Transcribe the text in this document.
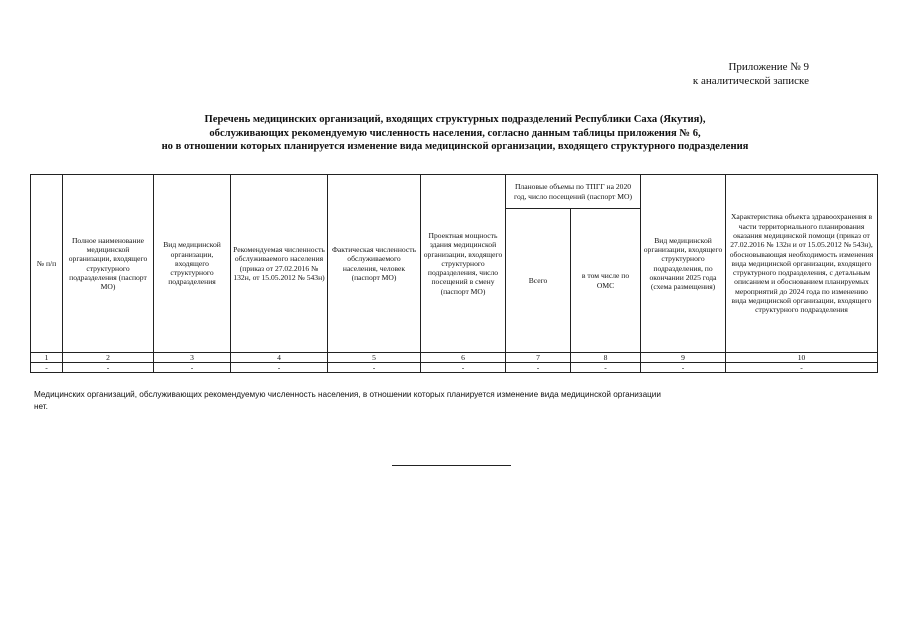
Приложение № 9
к аналитической записке
Перечень медицинских организаций, входящих структурных подразделений Республики Саха (Якутия),
обслуживающих рекомендуемую численность населения, согласно данным таблицы приложения № 6,
но в отношении которых планируется изменение вида медицинской организации, входящего структурного подразделения
№ п/п	Полное наименование медицинской организации, входящего структурного подразделения (паспорт МО)	Вид медицинской организации, входящего структурного подразделения	Рекомендуемая численность обслуживаемого населения (приказ от 27.02.2016 № 132н, от 15.05.2012 № 543н)	Фактическая численность обслуживаемого населения, человек (паспорт МО)	Проектная мощность здания медицинской организации, входящего структурного подразделения, число посещений в смену (паспорт МО)	Плановые объемы по ТПГГ на 2020 год, число посещений (паспорт МО)		Вид медицинской организации, входящего структурного подразделения, по окончании 2025 года (схема размещения)	Характеристика объекта здравоохранения в части территориального планирования оказания медицинской помощи (приказ от 27.02.2016 № 132н и от 15.05.2012 № 543н), обосновывающая необходимость изменения вида медицинской организации, входящего структурного подразделения, с детальным описанием и обоснованием планируемых мероприятий до 2024 года по изменению вида медицинской организации, входящего структурного подразделения
						Всего	в том числе по ОМС		
1	2	3	4	5	6	7	8	9	10
-	-	-	-	-	-	-	-	-	-
Медицинских организаций, обслуживающих рекомендуемую численность населения, в отношении которых планируется изменение вида медицинской организации
нет.
